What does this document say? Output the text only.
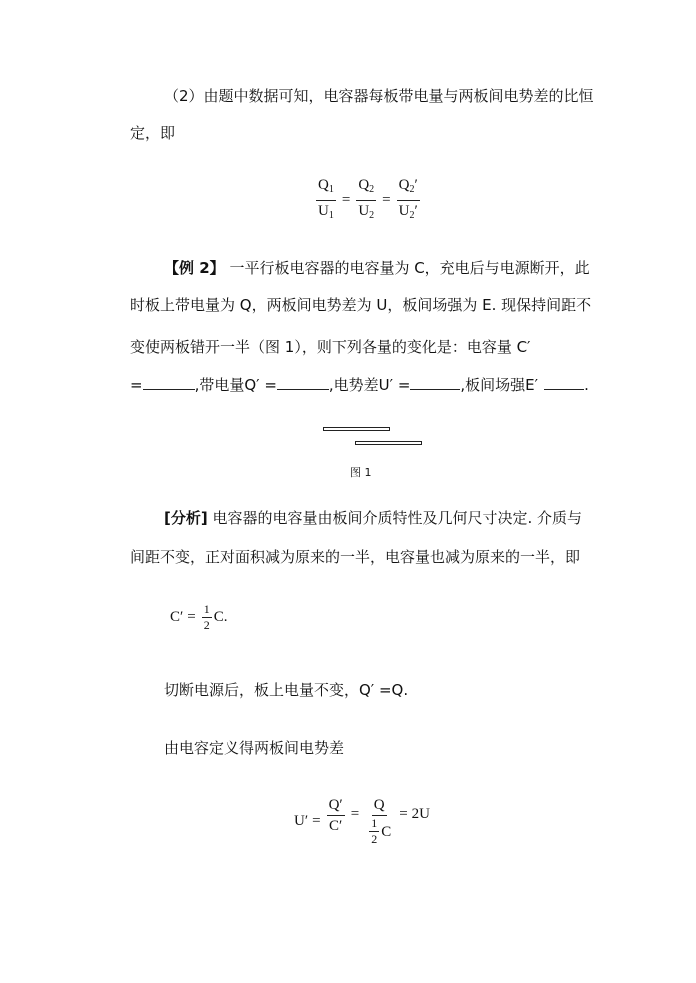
（2）由题中数据可知，电容器每板带电量与两板间电势差的比恒
定，即
$\frac{Q_1}{U_1} = \frac{Q_2}{U_2} = \frac{Q_2'}{U_2'}$
【例 2】 一平行板电容器的电容量为 C，充电后与电源断开，此
时板上带电量为 Q，两板间电势差为 U，板间场强为 E. 现保持间距不
变使两板错开一半（图 1），则下列各量的变化是：电容量 C′
=	,带电量Q′ =	,电势差U′ =	,板间场强E′	.
图 1
[分析] 电容器的电容量由板间介质特性及几何尺寸决定. 介质与
间距不变，正对面积减为原来的一半，电容量也减为原来的一半，即
$C' = \frac{1}{2} C$.
切断电源后，板上电量不变，Q′ =Q.
由电容定义得两板间电势差
$U' = \frac{Q'}{C'} = \frac{Q}{\frac{1}{2} C} = 2U$
